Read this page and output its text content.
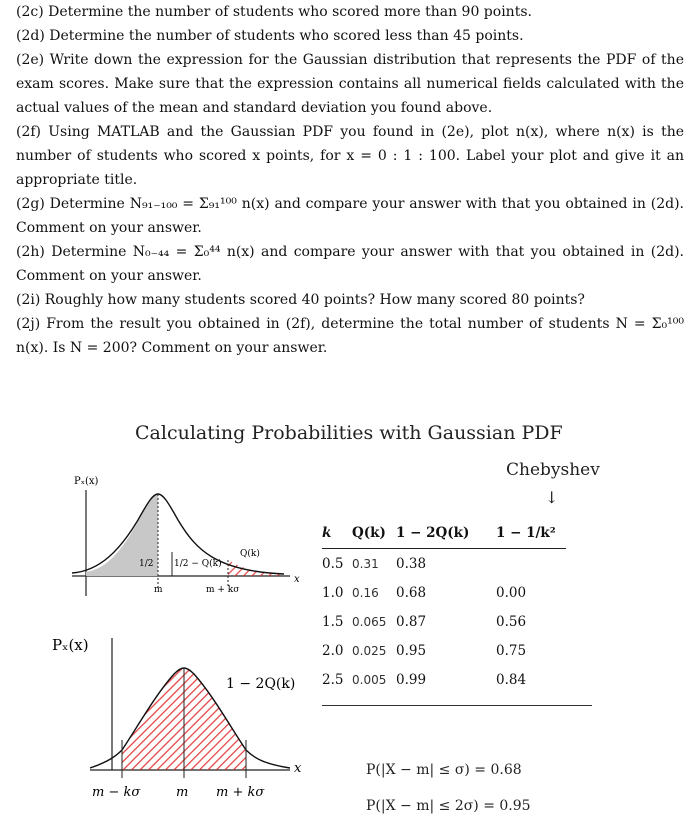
(2c) Determine the number of students who scored more than 90 points.

(2d) Determine the number of students who scored less than 45 points.

(2e) Write down the expression for the Gaussian distribution that represents the PDF of the exam scores. Make sure that the expression contains all numerical fields calculated with the actual values of the mean and standard deviation you found above.

(2f) Using MATLAB and the Gaussian PDF you found in (2e), plot n(x), where n(x) is the number of students who scored x points, for x = 0 : 1 : 100. Label your plot and give it an appropriate title.

(2g) Determine N₉₁₋₁₀₀ = Σ₉₁¹⁰⁰ n(x) and compare your answer with that you obtained in (2d). Comment on your answer.

(2h) Determine N₀₋₄₄ = Σ₀⁴⁴ n(x) and compare your answer with that you obtained in (2d). Comment on your answer.

(2i) Roughly how many students scored 40 points? How many scored 80 points?

(2j) From the result you obtained in (2f), determine the total number of students N = Σ₀¹⁰⁰ n(x). Is N = 200? Comment on your answer.

Calculating Probabilities with Gaussian PDF
Chebyshev
↓
Pₓ(x)
1/2 1/2 − Q(k)
Q(k)
m	m + kσ
x
Pₓ(x)
1 − 2Q(k)
m − kσ	m m + kσ
x
k	Q(k)	1 − 2Q(k)	1 − 1/k²
0.5	0.31	0.38	
1.0	0.16	0.68	0.00
1.5	0.065	0.87	0.56
2.0	0.025	0.95	0.75
2.5	0.005	0.99	0.84
P(|X − m| ≤ σ) = 0.68
P(|X − m| ≤ 2σ) = 0.95
